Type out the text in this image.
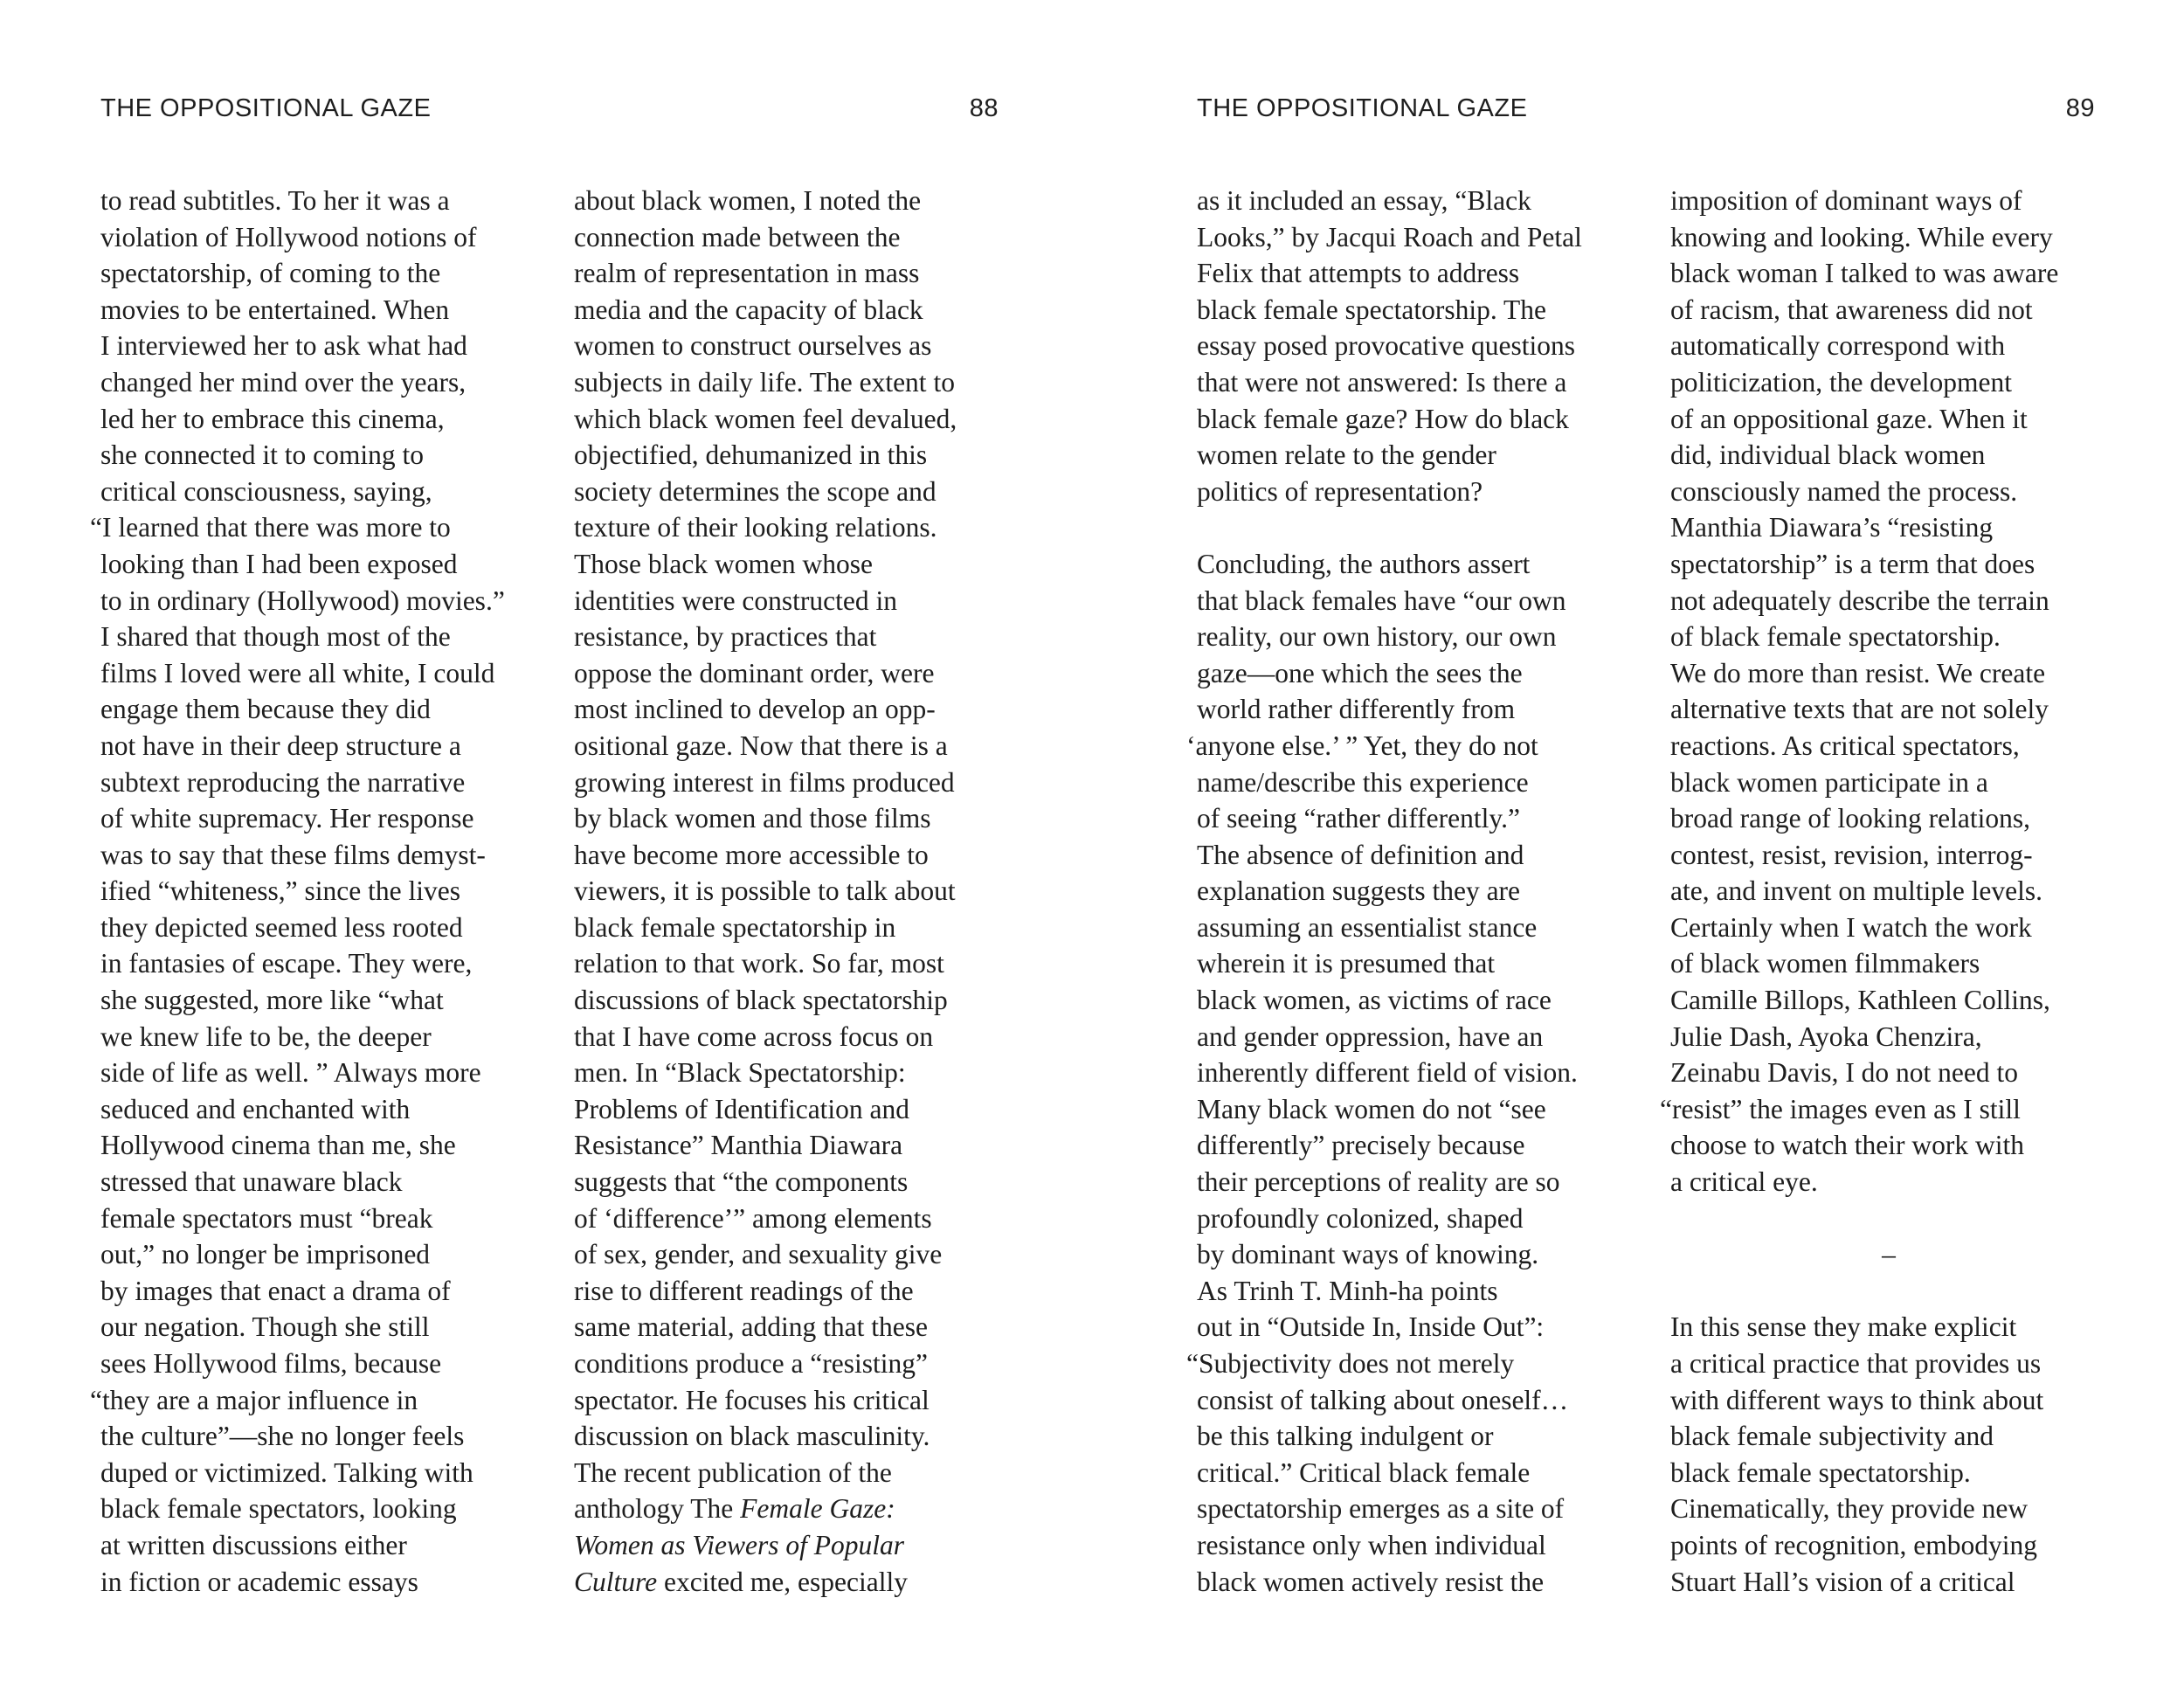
THE OPPOSITIONAL GAZE	88
to read subtitles. To her it was a
violation of Hollywood notions of
spectatorship, of coming to the
movies to be entertained. When
I interviewed her to ask what had
changed her mind over the years,
led her to embrace this cinema,
she connected it to coming to
critical consciousness, saying,
“I learned that there was more to
looking than I had been exposed
to in ordinary (Hollywood) movies.”
I shared that though most of the
films I loved were all white, I could
engage them because they did
not have in their deep structure a
subtext reproducing the narrative
of white supremacy. Her response
was to say that these films demyst-
ified “whiteness,” since the lives
they depicted seemed less rooted
in fantasies of escape. They were,
she suggested, more like “what
we knew life to be, the deeper
side of life as well. ” Always more
seduced and enchanted with
Hollywood cinema than me, she
stressed that unaware black
female spectators must “break
out,” no longer be imprisoned
by images that enact a drama of
our negation. Though she still
sees Hollywood films, because
“they are a major influence in
the culture”—she no longer feels
duped or victimized. Talking with
black female spectators, looking
at written discussions either
in fiction or academic essays
about black women, I noted the
connection made between the
realm of representation in mass
media and the capacity of black
women to construct ourselves as
subjects in daily life. The extent to
which black women feel devalued,
objectified, dehumanized in this
society determines the scope and
texture of their looking relations.
Those black women whose
identities were constructed in
resistance, by practices that
oppose the dominant order, were
most inclined to develop an opp-
ositional gaze. Now that there is a
growing interest in films produced
by black women and those films
have become more accessible to
viewers, it is possible to talk about
black female spectatorship in
relation to that work. So far, most
discussions of black spectatorship
that I have come across focus on
men. In “Black Spectatorship:
Problems of Identification and
Resistance” Manthia Diawara
suggests that “the components
of ‘difference’” among elements
of sex, gender, and sexuality give
rise to different readings of the
same material, adding that these
conditions produce a “resisting”
spectator. He focuses his critical
discussion on black masculinity.
The recent publication of the
anthology The Female Gaze:
Women as Viewers of Popular
Culture excited me, especially
THE OPPOSITIONAL GAZE	89
as it included an essay, “Black
Looks,” by Jacqui Roach and Petal
Felix that attempts to address
black female spectatorship. The
essay posed provocative questions
that were not answered: Is there a
black female gaze? How do black
women relate to the gender
politics of representation?
Concluding, the authors assert
that black females have “our own
reality, our own history, our own
gaze—one which the sees the
world rather differently from
‘anyone else.’ ” Yet, they do not
name/describe this experience
of seeing “rather differently.”
The absence of definition and
explanation suggests they are
assuming an essentialist stance
wherein it is presumed that
black women, as victims of race
and gender oppression, have an
inherently different field of vision.
Many black women do not “see
differently” precisely because
their perceptions of reality are so
profoundly colonized, shaped
by dominant ways of knowing.
As Trinh T. Minh-ha points
out in “Outside In, Inside Out”:
“Subjectivity does not merely
consist of talking about oneself…
be this talking indulgent or
critical.” Critical black female
spectatorship emerges as a site of
resistance only when individual
black women actively resist the
imposition of dominant ways of
knowing and looking. While every
black woman I talked to was aware
of racism, that awareness did not
automatically correspond with
politicization, the development
of an oppositional gaze. When it
did, individual black women
consciously named the process.
Manthia Diawara’s “resisting
spectatorship” is a term that does
not adequately describe the terrain
of black female spectatorship.
We do more than resist. We create
alternative texts that are not solely
reactions. As critical spectators,
black women participate in a
broad range of looking relations,
contest, resist, revision, interrog-
ate, and invent on multiple levels.
Certainly when I watch the work
of black women filmmakers
Camille Billops, Kathleen Collins,
Julie Dash, Ayoka Chenzira,
Zeinabu Davis, I do not need to
“resist” the images even as I still
choose to watch their work with
a critical eye.
–
In this sense they make explicit
a critical practice that provides us
with different ways to think about
black female subjectivity and
black female spectatorship.
Cinematically, they provide new
points of recognition, embodying
Stuart Hall’s vision of a critical
